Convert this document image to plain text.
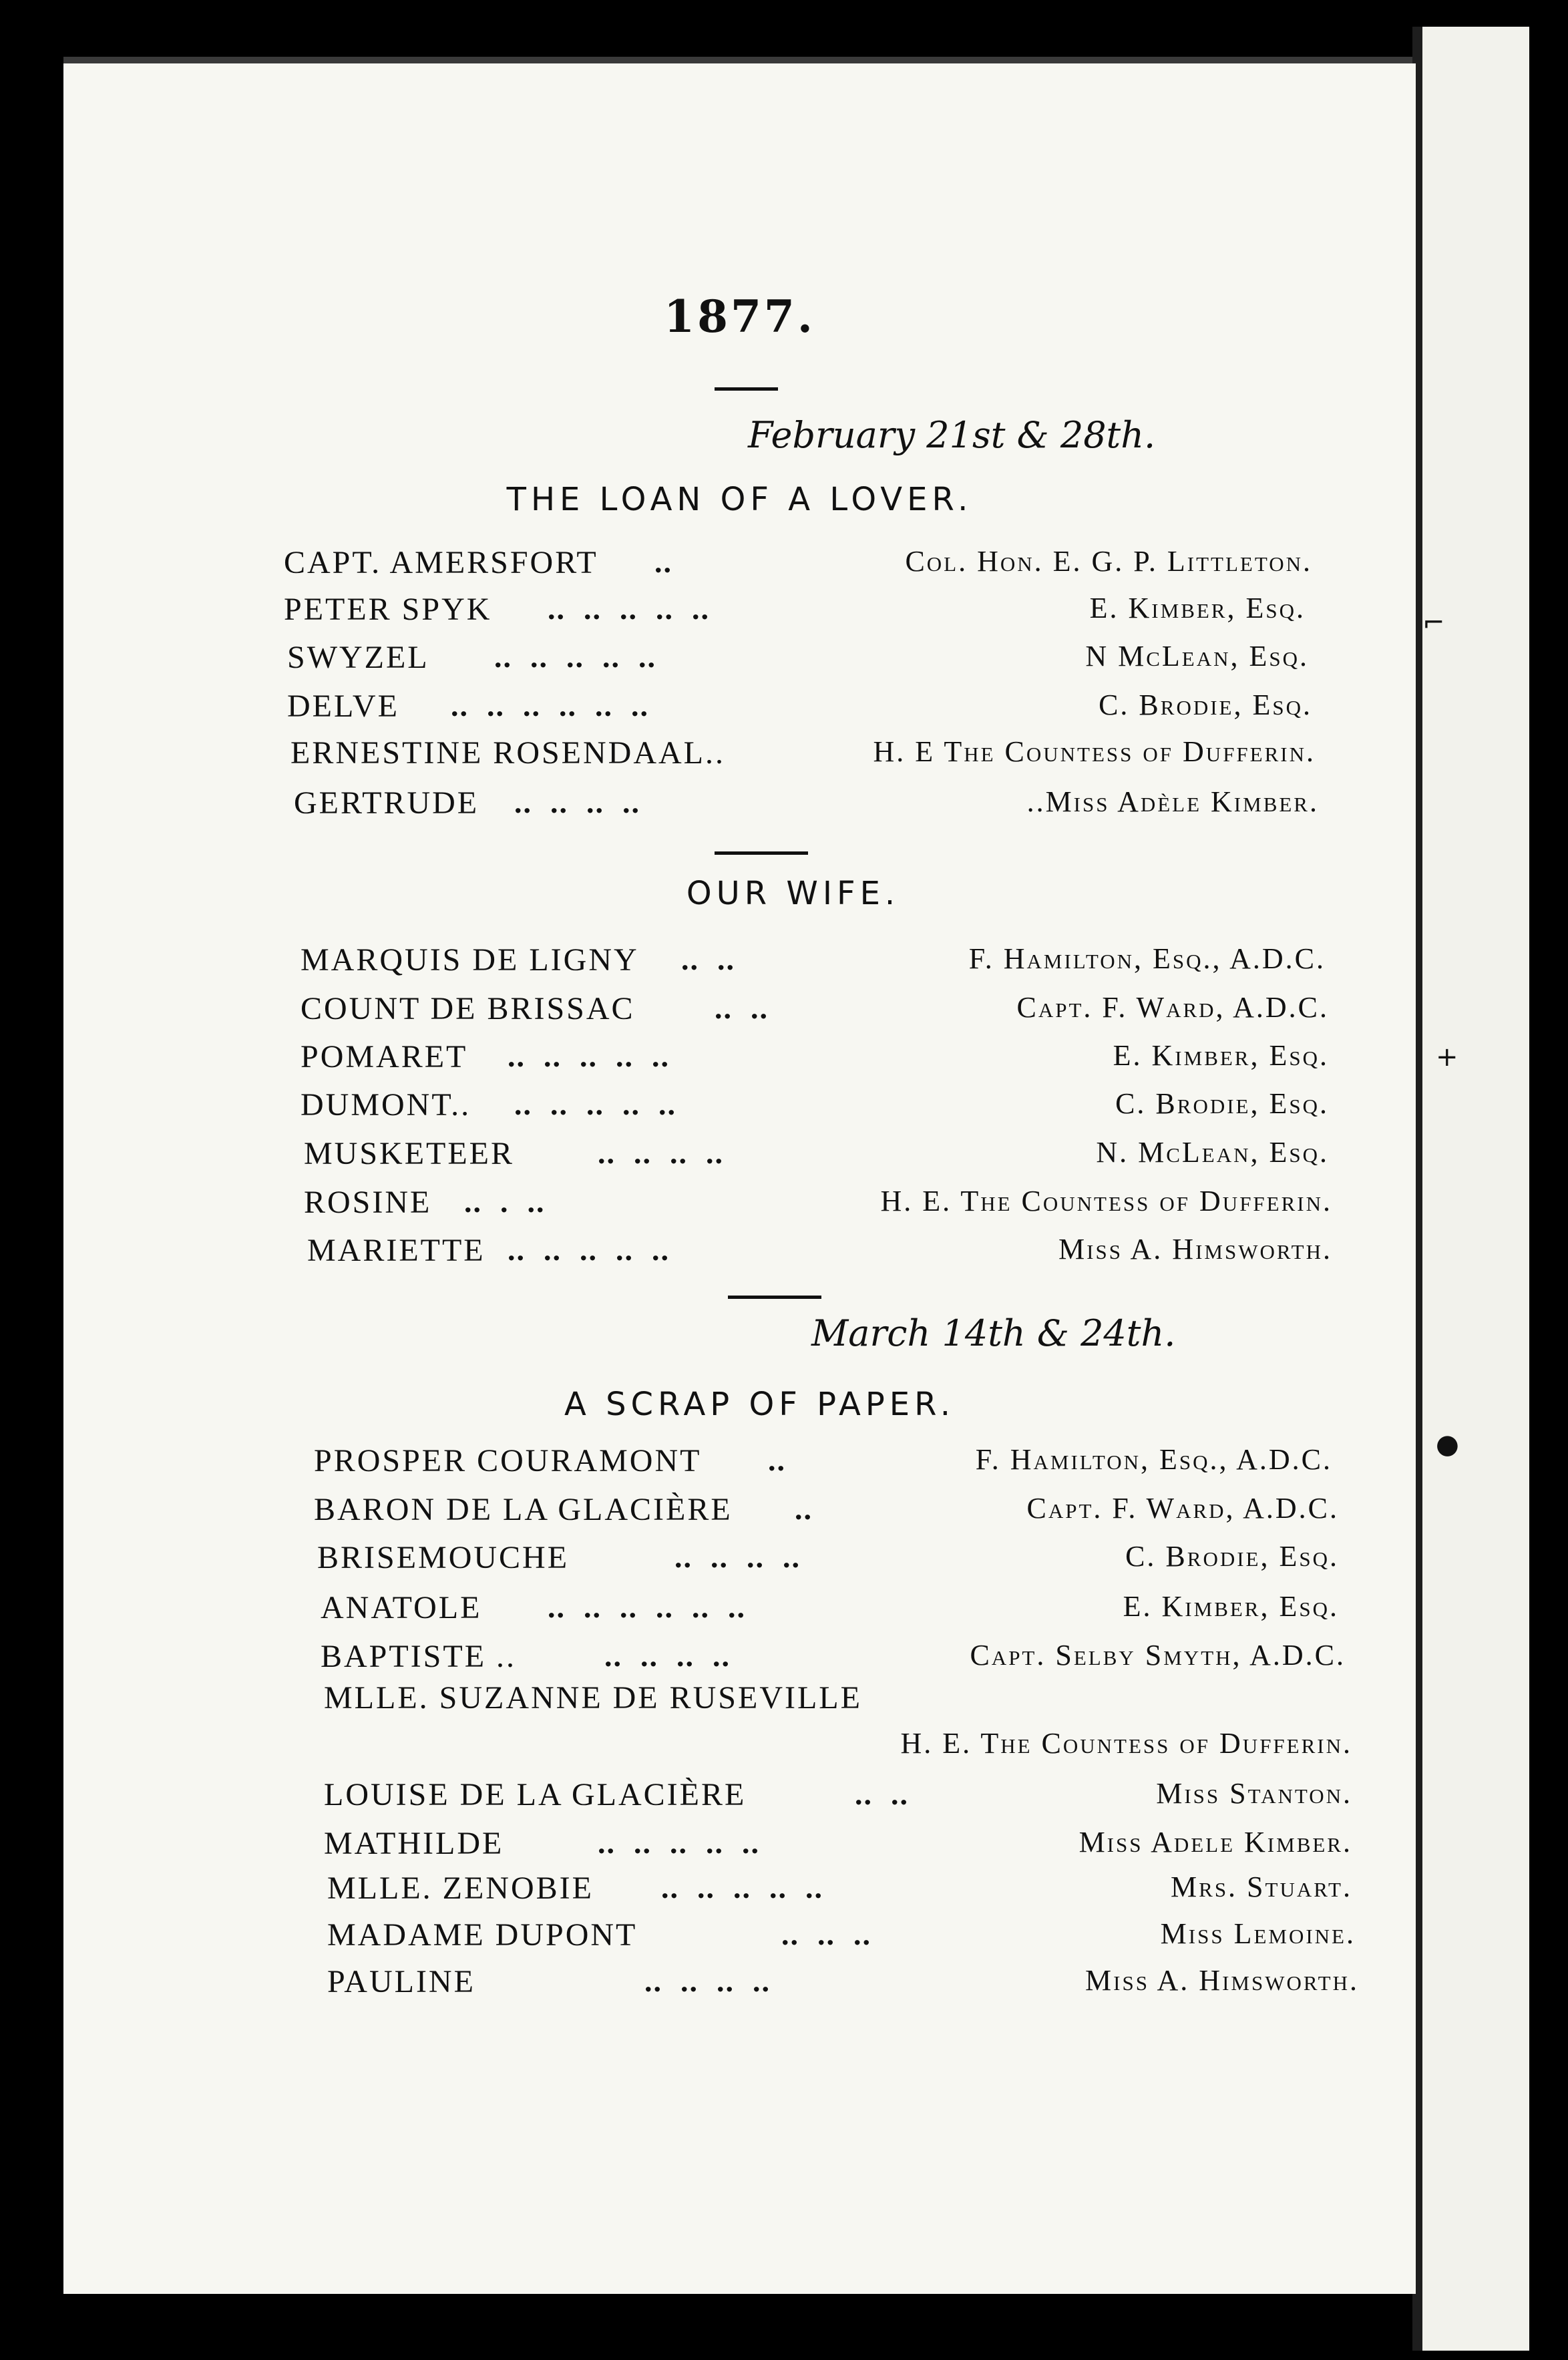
⌐
+
●
1877.
February 21st & 28th.
THE LOAN OF A LOVER.
CAPT. AMERSFORT ..	Col. Hon. E. G. P. Littleton.
PETER SPYK ..  ..  ..  ..  ..	E. Kimber, Esq.
SWYZEL ..  ..  ..  ..  ..	N McLean, Esq.
DELVE ..  ..  ..  ..  ..  ..	C. Brodie, Esq.
ERNESTINE ROSENDAAL..	H. E The Countess of Dufferin.
GERTRUDE ..  ..  ..  ..	..Miss Adèle Kimber.
OUR WIFE.
MARQUIS DE LIGNY ..  ..	F. Hamilton, Esq., A.D.C.
COUNT DE BRISSAC	..  ..	Capt. F. Ward, A.D.C.
POMARET ..  ..  ..  ..  ..	E. Kimber, Esq.
DUMONT.. ..  ..  ..  ..  ..	C. Brodie, Esq.
MUSKETEER	..  ..  ..  ..	N. McLean, Esq.
ROSINE ..  .  ..	H. E. The Countess of Dufferin.
MARIETTE ..  ..  ..  ..  ..	Miss A. Himsworth.
March 14th & 24th.
A SCRAP OF PAPER.
PROSPER COURAMONT ..	F. Hamilton, Esq., A.D.C.
BARON DE LA GLACIÈRE ..	Capt. F. Ward, A.D.C.
BRISEMOUCHE	..  ..  ..  ..	C. Brodie, Esq.
ANATOLE ..  ..  ..  ..  ..  ..	E. Kimber, Esq.
BAPTISTE ..	..  ..  ..  ..	Capt. Selby Smyth, A.D.C.
MLLE. SUZANNE DE RUSEVILLE
H. E. The Countess of Dufferin.
LOUISE DE LA GLACIÈRE	..  ..	Miss Stanton.
MATHILDE	..  ..  ..  ..  ..	Miss Adele Kimber.
MLLE. ZENOBIE ..  ..  ..  ..  ..	Mrs. Stuart.
MADAME DUPONT	..  ..  ..	Miss Lemoine.
PAULINE	..  ..  ..  ..	Miss A. Himsworth.
